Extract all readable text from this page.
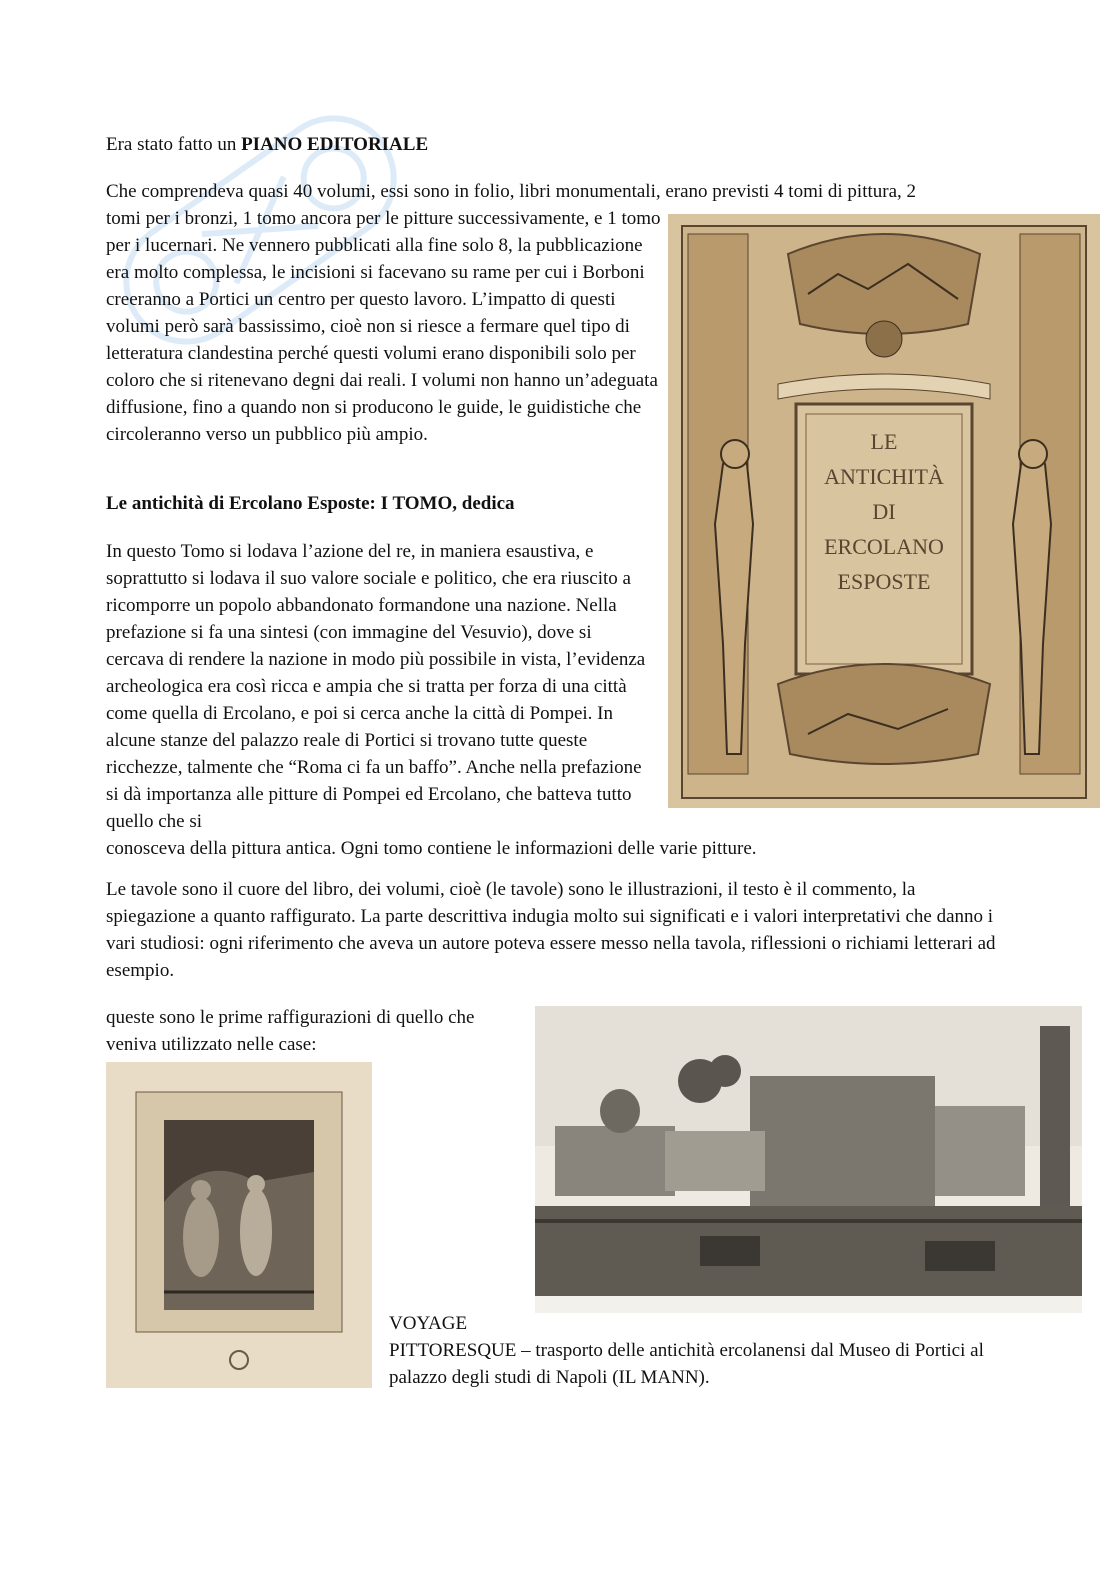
Era stato fatto un PIANO EDITORIALE

Che comprendeva quasi 40 volumi, essi sono in folio, libri monumentali, erano previsti 4 tomi di pittura, 2
tomi per i bronzi, 1 tomo ancora per le pitture successivamente, e 1 tomo per i lucernari. Ne vennero pubblicati alla fine solo 8, la pubblicazione era molto complessa, le incisioni si facevano su rame per cui i Borboni creeranno a Portici un centro per questo lavoro. L’impatto di questi volumi però sarà bassissimo, cioè non si riesce a fermare quel tipo di letteratura clandestina perché questi volumi erano disponibili solo per coloro che si ritenevano degni dai reali. I volumi non hanno un’adeguata diffusione, fino a quando non si producono le guide, le guidistiche che circoleranno verso un pubblico più ampio.	LE
ANTICHITÀ
DI
ERCOLANO
ESPOSTE

Le antichità di Ercolano Esposte: I TOMO, dedica

In questo Tomo si lodava l’azione del re, in maniera esaustiva, e soprattutto si lodava il suo valore sociale e politico, che era riuscito a ricomporre un popolo abbandonato formandone una nazione. Nella prefazione si fa una sintesi (con immagine del Vesuvio), dove si cercava di rendere la nazione in modo più possibile in vista, l’evidenza archeologica era così ricca e ampia che si tratta per forza di una città come quella di Ercolano, e poi si cerca anche la città di Pompei. In alcune stanze del palazzo reale di Portici si trovano tutte queste ricchezze, talmente che “Roma ci fa un baffo”. Anche nella prefazione si dà importanza alle pitture di Pompei ed Ercolano, che batteva tutto quello che si
conosceva della pittura antica. Ogni tomo contiene le informazioni delle varie pitture.

Le tavole sono il cuore del libro, dei volumi, cioè (le tavole) sono le illustrazioni, il testo è il commento, la spiegazione a quanto raffigurato. La parte descrittiva indugia molto sui significati e i valori interpretativi che danno i vari studiosi: ogni riferimento che aveva un autore poteva essere messo nella tavola, riflessioni o richiami letterari ad esempio.

queste sono le prime raffigurazioni di quello che veniva utilizzato nelle case:

VOYAGE
PITTORESQUE – trasporto delle antichità ercolanensi dal Museo di Portici al palazzo degli studi di Napoli (IL MANN).
